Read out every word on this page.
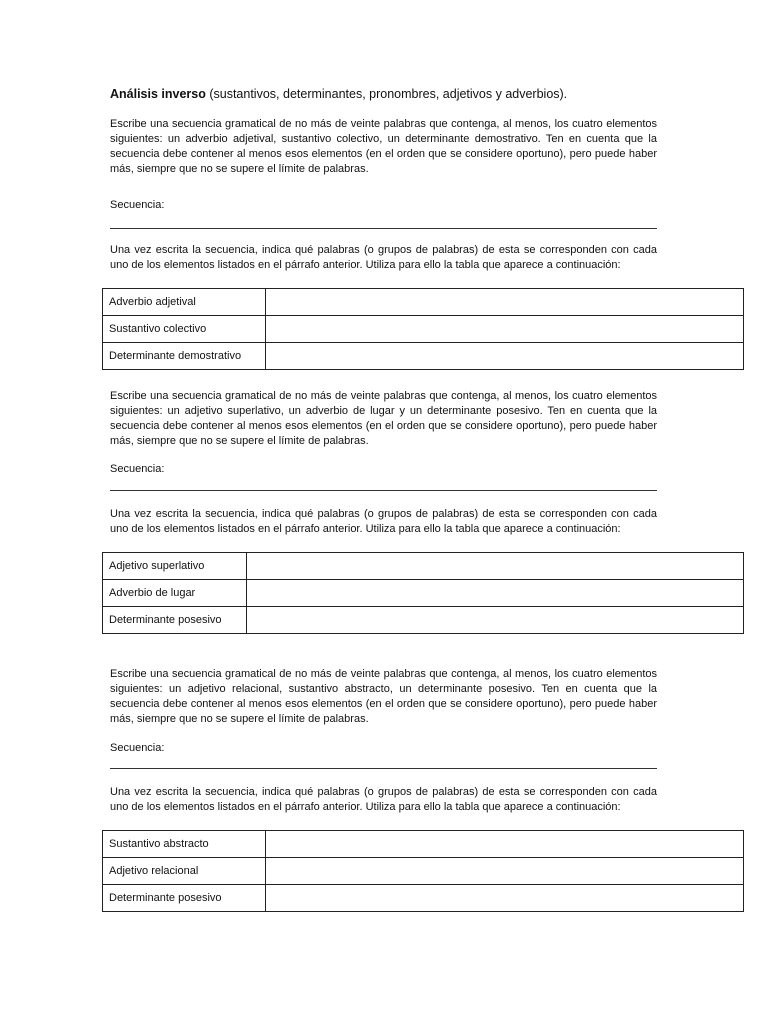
Análisis inverso (sustantivos, determinantes, pronombres, adjetivos y adverbios).

Escribe una secuencia gramatical de no más de veinte palabras que contenga, al menos, los cuatro elementos siguientes: un adverbio adjetival, sustantivo colectivo, un determinante demostrativo. Ten en cuenta que la secuencia debe contener al menos esos elementos (en el orden que se considere oportuno), pero puede haber más, siempre que no se supere el límite de palabras.

Secuencia:

Una vez escrita la secuencia, indica qué palabras (o grupos de palabras) de esta se corresponden con cada uno de los elementos listados en el párrafo anterior. Utiliza para ello la tabla que aparece a continuación:

Adverbio adjetival	
Sustantivo colectivo	
Determinante demostrativo	

Escribe una secuencia gramatical de no más de veinte palabras que contenga, al menos, los cuatro elementos siguientes: un adjetivo superlativo, un adverbio de lugar y un determinante posesivo. Ten en cuenta que la secuencia debe contener al menos esos elementos (en el orden que se considere oportuno), pero puede haber más, siempre que no se supere el límite de palabras.

Secuencia:

Una vez escrita la secuencia, indica qué palabras (o grupos de palabras) de esta se corresponden con cada uno de los elementos listados en el párrafo anterior. Utiliza para ello la tabla que aparece a continuación:

Adjetivo superlativo	
Adverbio de lugar	
Determinante posesivo	

Escribe una secuencia gramatical de no más de veinte palabras que contenga, al menos, los cuatro elementos siguientes: un adjetivo relacional, sustantivo abstracto, un determinante posesivo. Ten en cuenta que la secuencia debe contener al menos esos elementos (en el orden que se considere oportuno), pero puede haber más, siempre que no se supere el límite de palabras.

Secuencia:

Una vez escrita la secuencia, indica qué palabras (o grupos de palabras) de esta se corresponden con cada uno de los elementos listados en el párrafo anterior. Utiliza para ello la tabla que aparece a continuación:

Sustantivo abstracto	
Adjetivo relacional	
Determinante posesivo	
